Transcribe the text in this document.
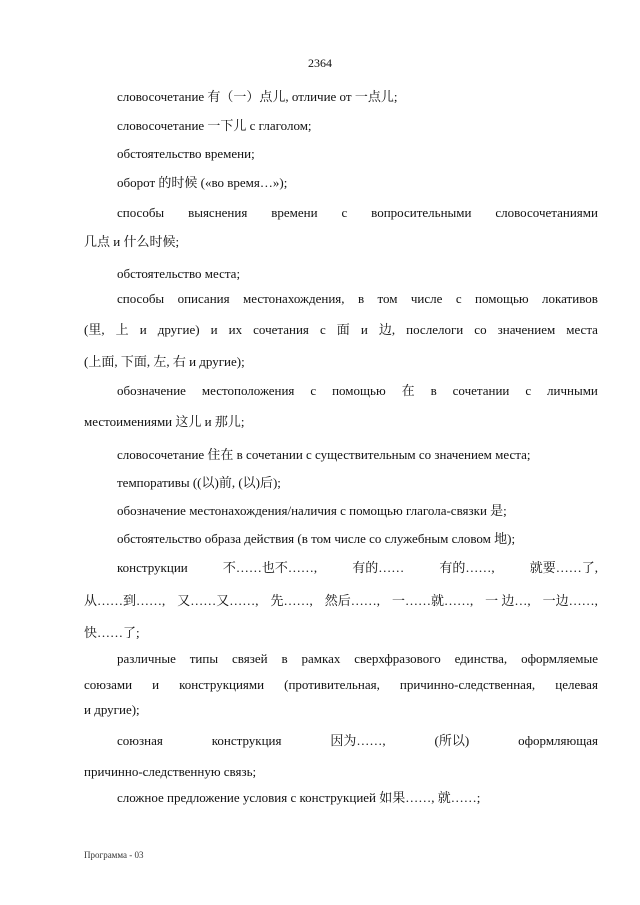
2364
словосочетание 有（一）点儿, отличие от 一点儿;
словосочетание 一下儿 с глаголом;
обстоятельство времени;
оборот 的时候 («во время…»);
способы выяснения времени с вопросительными словосочетаниями
几点 и 什么时候;
обстоятельство места;
способы описания местонахождения, в том числе с помощью локативов
(里, 上 и другие) и их сочетания с 面 и 边, послелоги со значением места
(上面, 下面, 左, 右 и другие);
обозначение местоположения с помощью 在 в сочетании с личными
местоимениями 这儿 и 那儿;
словосочетание 住在 в сочетании с существительным со значением места;
темпоративы ((以)前, (以)后);
обозначение местонахождения/наличия с помощью глагола-связки 是;
обстоятельство образа действия (в том числе со служебным словом 地);
конструкции	不……也不……,	有的……	有的……,	就要……了,
从……到……, 又……又……, 先……, 然后……, 一……就……, 一 边…, 一边……,
快……了;
различные типы связей в рамках сверхфразового единства, оформляемые
союзами и конструкциями (противительная, причинно-следственная, целевая
и другие);
союзная	конструкция	因为……,	(所以)	оформляющая
причинно-следственную связь;
сложное предложение условия с конструкцией 如果……, 就……;
Программа - 03
